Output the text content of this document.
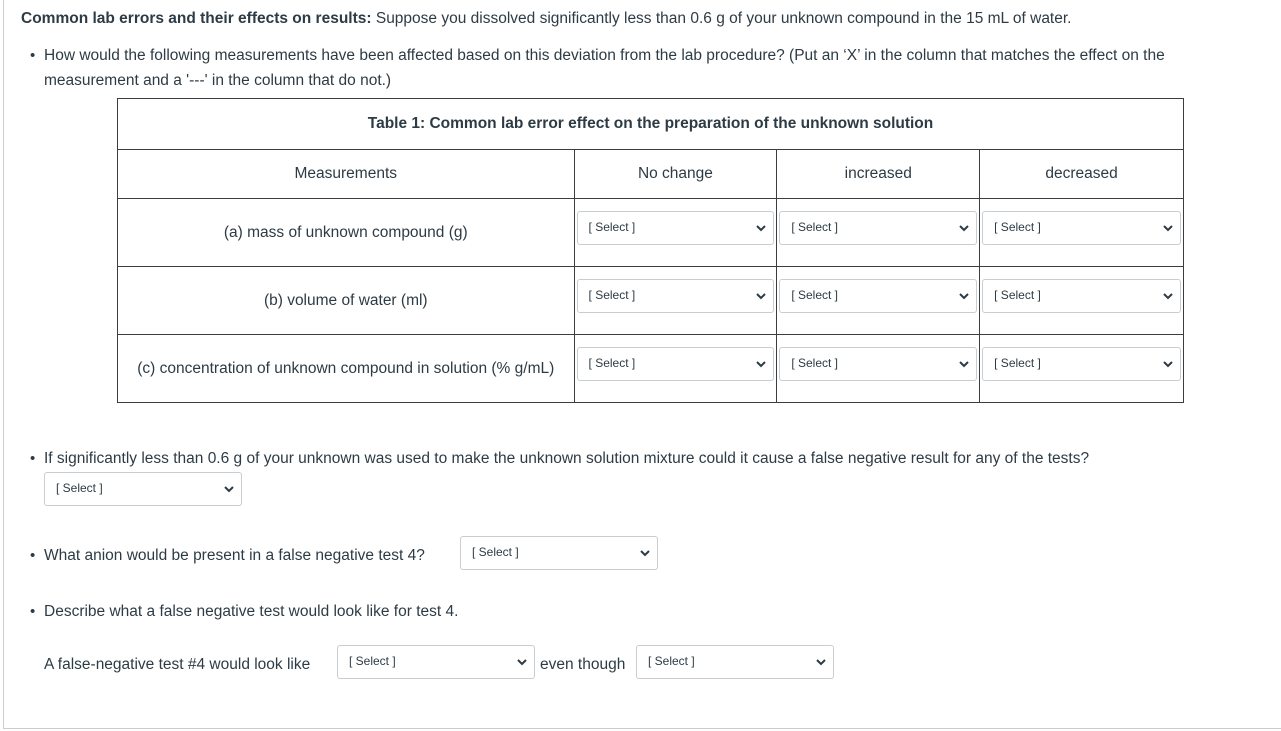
Common lab errors and their effects on results: Suppose you dissolved significantly less than 0.6 g of your unknown compound in the 15 mL of water.
• How would the following measurements have been affected based on this deviation from the lab procedure? (Put an ‘X’ in the column that matches the effect on the
measurement and a '---' in the column that do not.)
Table 1: Common lab error effect on the preparation of the unknown solution			
Measurements	No change	increased	decreased
(a) mass of unknown compound (g)	[ Select ]	[ Select ]	[ Select ]

(b) volume of water (ml)	[ Select ]	[ Select ]	[ Select ]

(c) concentration of unknown compound in solution (% g/mL)	[ Select ]	[ Select ]	[ Select ]
• If significantly less than 0.6 g of your unknown was used to make the unknown solution mixture could it cause a false negative result for any of the tests?
[ Select ]
• What anion would be present in a false negative test 4?	[ Select ]
• Describe what a false negative test would look like for test 4.
A false-negative test #4 would look like	[ Select ]	even though	[ Select ]
